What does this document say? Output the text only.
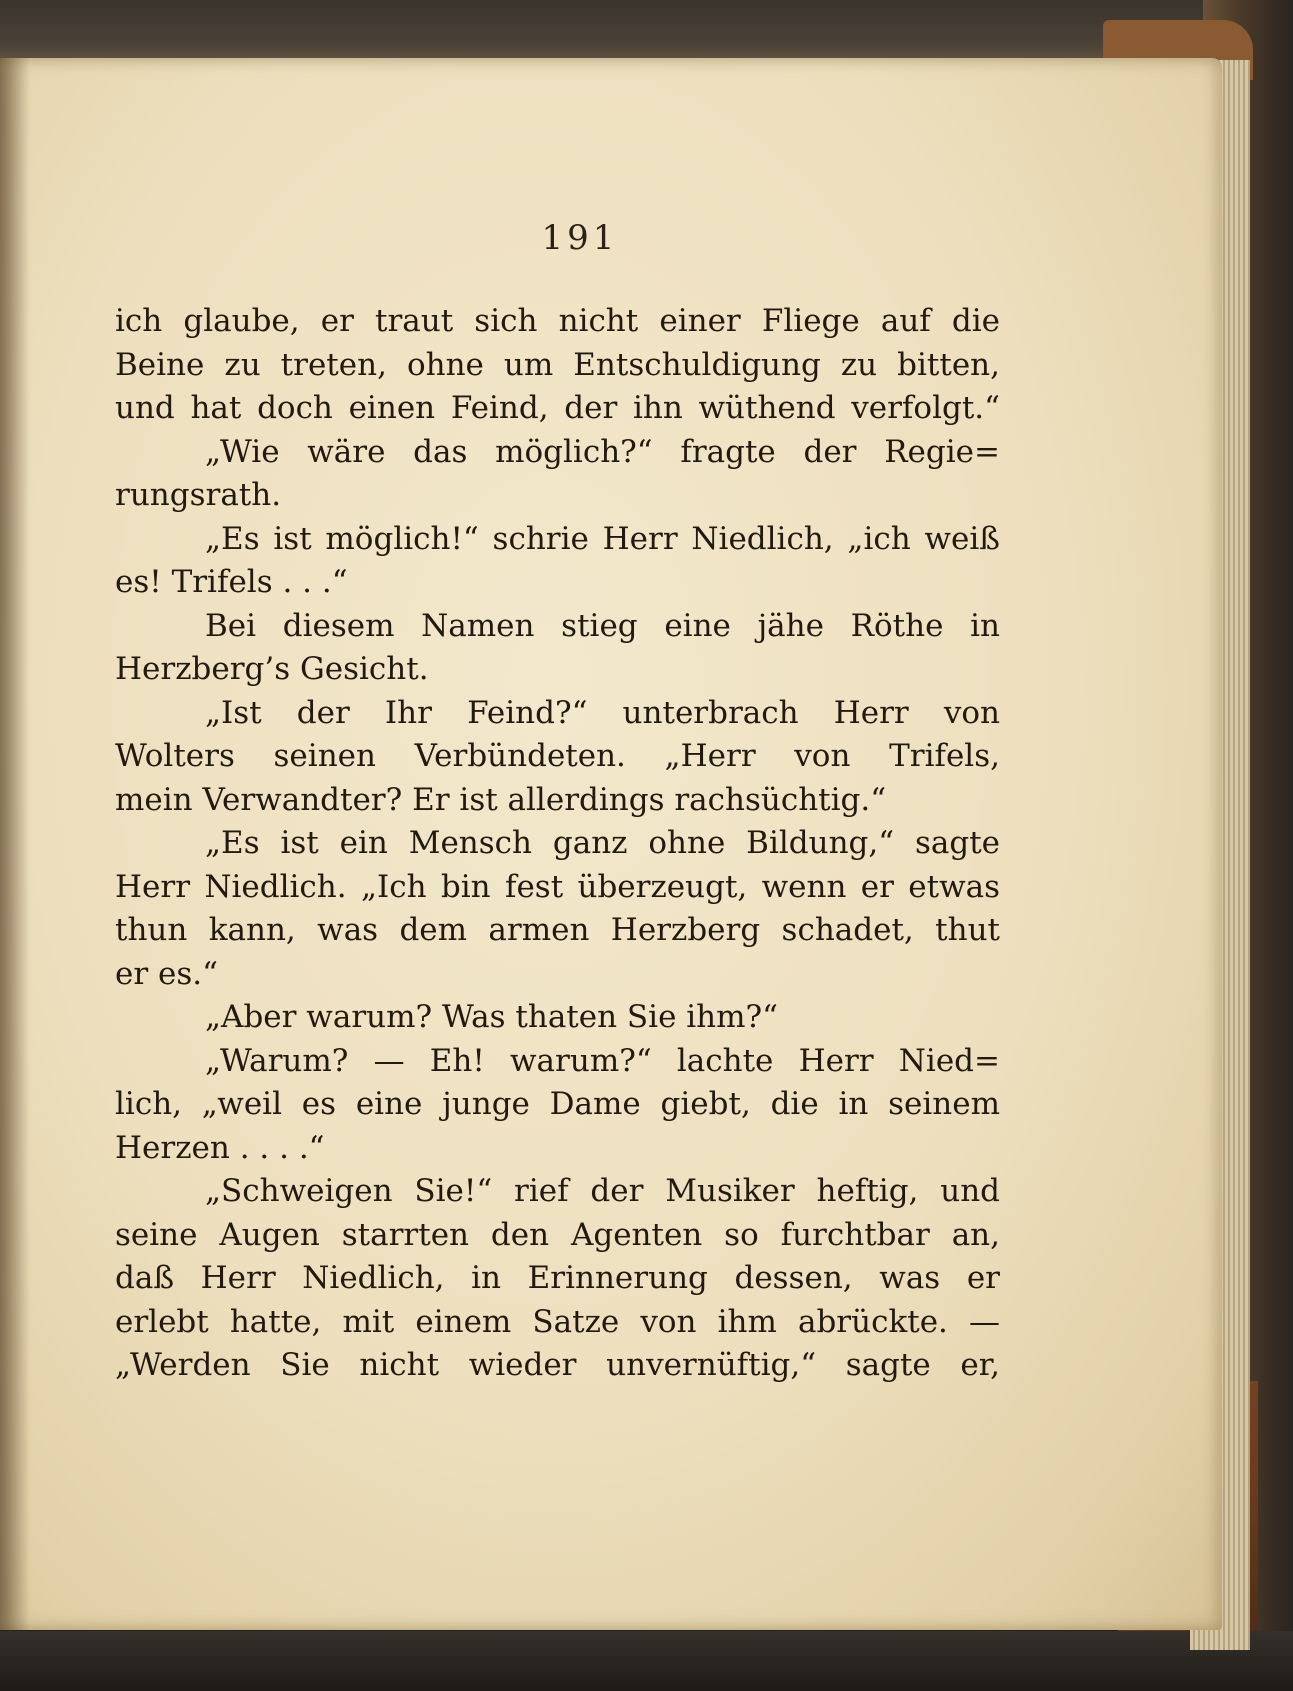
191
ich glaube, er traut sich nicht einer Fliege auf die
Beine zu treten, ohne um Entschuldigung zu bitten,
und hat doch einen Feind, der ihn wüthend verfolgt.“
„Wie wäre das möglich?“ fragte der Regie=
rungsrath.
„Es ist möglich!“ schrie Herr Niedlich, „ich weiß
es! Trifels . . .“
Bei diesem Namen stieg eine jähe Röthe in
Herzberg’s Gesicht.
„Ist der Ihr Feind?“ unterbrach Herr von
Wolters seinen Verbündeten. „Herr von Trifels,
mein Verwandter? Er ist allerdings rachsüchtig.“
„Es ist ein Mensch ganz ohne Bildung,“ sagte
Herr Niedlich. „Ich bin fest überzeugt, wenn er etwas
thun kann, was dem armen Herzberg schadet, thut
er es.“
„Aber warum? Was thaten Sie ihm?“
„Warum? — Eh! warum?“ lachte Herr Nied=
lich, „weil es eine junge Dame giebt, die in seinem
Herzen . . . .“
„Schweigen Sie!“ rief der Musiker heftig, und
seine Augen starrten den Agenten so furchtbar an,
daß Herr Niedlich, in Erinnerung dessen, was er
erlebt hatte, mit einem Satze von ihm abrückte. —
„Werden Sie nicht wieder unvernüftig,“ sagte er,
